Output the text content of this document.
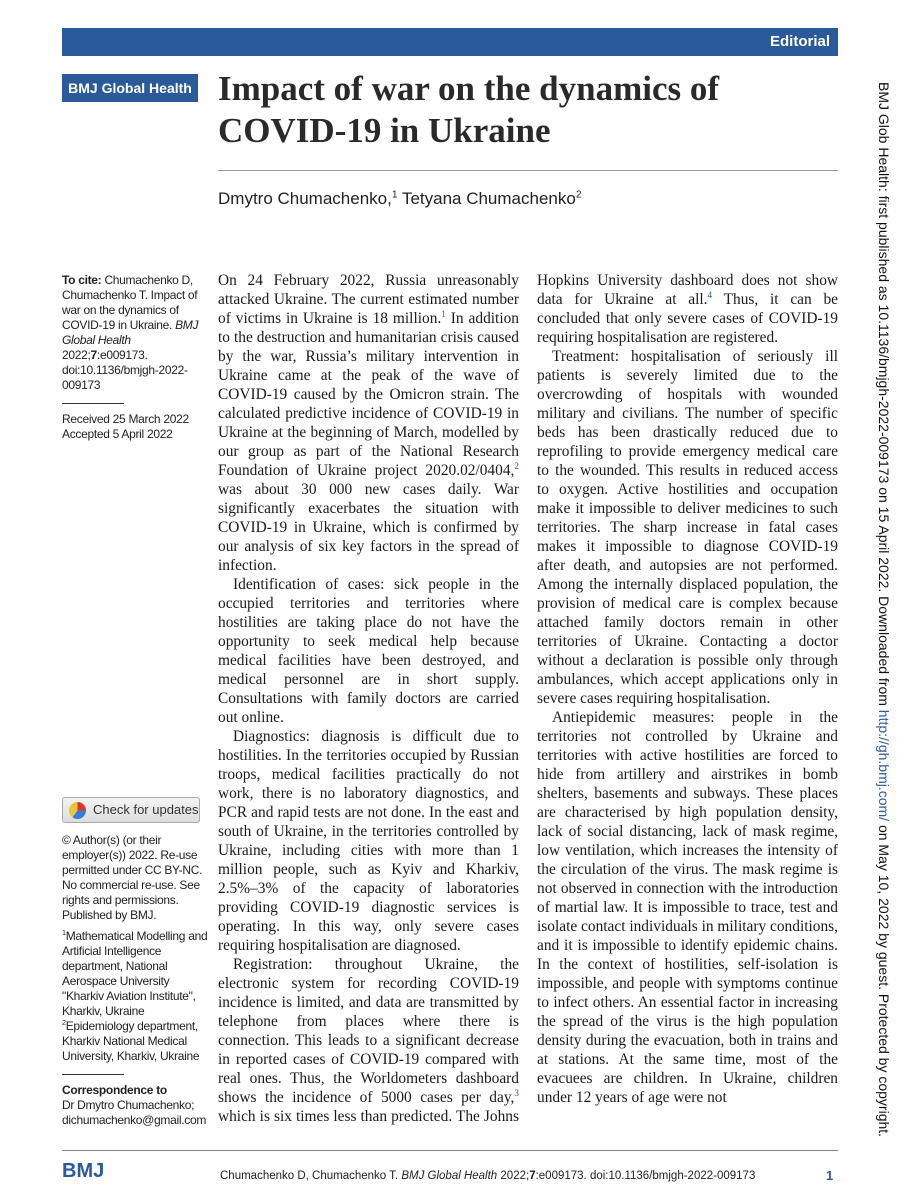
Editorial
BMJ Global Health Impact of war on the dynamics of COVID-19 in Ukraine
Dmytro Chumachenko,$^1$ Tetyana Chumachenko$^2$
To cite: Chumachenko D, Chumachenko T. Impact of war on the dynamics of COVID-19 in Ukraine. BMJ Global Health 2022;7:e009173. doi:10.1136/bmjgh-2022-009173
Received 25 March 2022
Accepted 5 April 2022
Check for updates
© Author(s) (or their employer(s)) 2022. Re-use permitted under CC BY-NC. No commercial re-use. See rights and permissions. Published by BMJ.
$^1$Mathematical Modelling and Artificial Intelligence department, National Aerospace University "Kharkiv Aviation Institute", Kharkiv, Ukraine
$^2$Epidemiology department, Kharkiv National Medical University, Kharkiv, Ukraine
Correspondence to
Dr Dmytro Chumachenko;
dichumachenko@gmail.com

On 24 February 2022, Russia unreasonably attacked Ukraine. The current estimated number of victims in Ukraine is 18 million.$^1$ In addition to the destruction and humanitarian crisis caused by the war, Russia’s military intervention in Ukraine came at the peak of the wave of COVID-19 caused by the Omicron strain. The calculated predictive incidence of COVID-19 in Ukraine at the beginning of March, modelled by our group as part of the National Research Foundation of Ukraine project 2020.02/0404,$^2$ was about 30 000 new cases daily. War significantly exacerbates the situation with COVID-19 in Ukraine, which is confirmed by our analysis of six key factors in the spread of infection.

Identification of cases: sick people in the occupied territories and territories where hostilities are taking place do not have the opportunity to seek medical help because medical facilities have been destroyed, and medical personnel are in short supply. Consultations with family doctors are carried out online.

Diagnostics: diagnosis is difficult due to hostilities. In the territories occupied by Russian troops, medical facilities practically do not work, there is no laboratory diagnostics, and PCR and rapid tests are not done. In the east and south of Ukraine, in the territories controlled by Ukraine, including cities with more than 1 million people, such as Kyiv and Kharkiv, 2.5%–3% of the capacity of laboratories providing COVID-19 diagnostic services is operating. In this way, only severe cases requiring hospitalisation are diagnosed.

Registration: throughout Ukraine, the electronic system for recording COVID-19 incidence is limited, and data are transmitted by telephone from places where there is connection. This leads to a significant decrease in reported cases of COVID-19 compared with real ones. Thus, the Worldometers dashboard shows the incidence of 5000 cases per day,$^3$ which is six times less than predicted. The Johns Hopkins University dashboard does not show data for Ukraine at all.$^4$ Thus, it can be concluded that only severe cases of COVID-19 requiring hospitalisation are registered.

Treatment: hospitalisation of seriously ill patients is severely limited due to the overcrowding of hospitals with wounded military and civilians. The number of specific beds has been drastically reduced due to reprofiling to provide emergency medical care to the wounded. This results in reduced access to oxygen. Active hostilities and occupation make it impossible to deliver medicines to such territories. The sharp increase in fatal cases makes it impossible to diagnose COVID-19 after death, and autopsies are not performed. Among the internally displaced population, the provision of medical care is complex because attached family doctors remain in other territories of Ukraine. Contacting a doctor without a declaration is possible only through ambulances, which accept applications only in severe cases requiring hospitalisation.

Antiepidemic measures: people in the territories not controlled by Ukraine and territories with active hostilities are forced to hide from artillery and airstrikes in bomb shelters, basements and subways. These places are characterised by high population density, lack of social distancing, lack of mask regime, low ventilation, which increases the intensity of the circulation of the virus. The mask regime is not observed in connection with the introduction of martial law. It is impossible to trace, test and isolate contact individuals in military conditions, and it is impossible to identify epidemic chains. In the context of hostilities, self-isolation is impossible, and people with symptoms continue to infect others. An essential factor in increasing the spread of the virus is the high population density during the evacuation, both in trains and at stations. At the same time, most of the evacuees are children. In Ukraine, children under 12 years of age were not

BMJ	Chumachenko D, Chumachenko T. BMJ Global Health 2022;7:e009173. doi:10.1136/bmjgh-2022-009173	1
BMJ Glob Health: first published as 10.1136/bmjgh-2022-009173 on 15 April 2022. Downloaded from http://gh.bmj.com/ on May 10, 2022 by guest. Protected by copyright.
